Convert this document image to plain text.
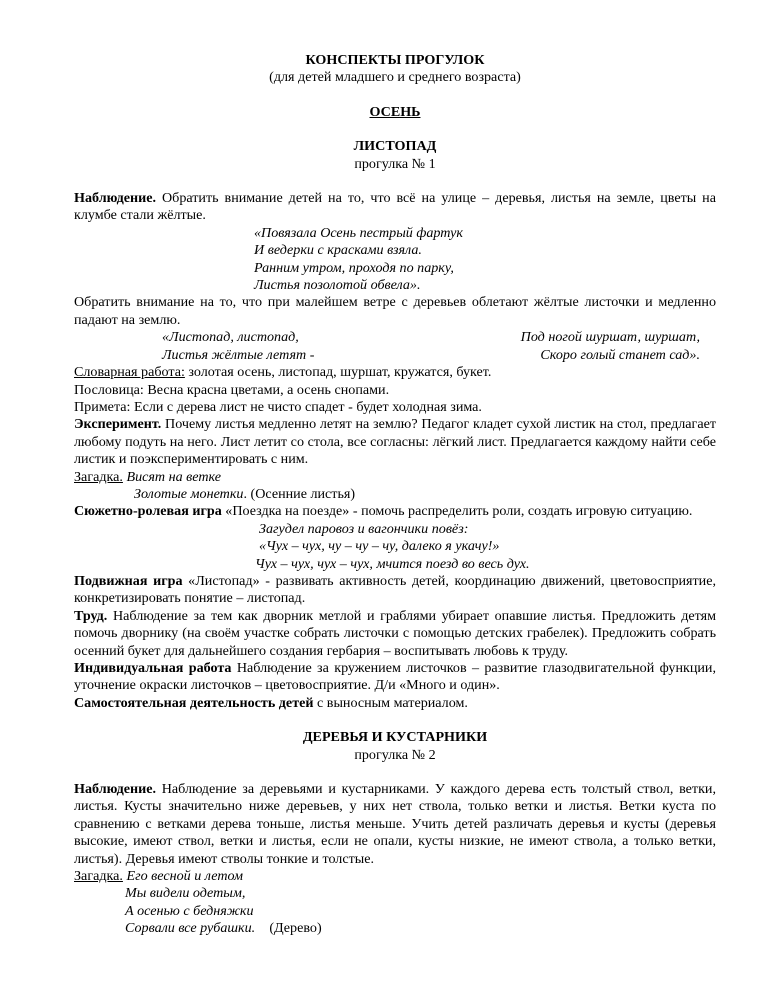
КОНСПЕКТЫ ПРОГУЛОК
(для детей младшего и среднего возраста)
ОСЕНЬ
ЛИСТОПАД
прогулка № 1

Наблюдение. Обратить внимание детей на то, что всё на улице – деревья, листья на земле, цветы на клумбе стали жёлтые.

«Повязала Осень пестрый фартук
И ведерки с красками взяла.
Ранним утром, проходя по парку,
Листья позолотой обвела».

Обратить внимание на то, что при малейшем ветре с деревьев облетают жёлтые листочки и медленно падают на землю.

«Листопад, листопад,	Под ногой шуршат, шуршат,
Листья жёлтые летят -	Скоро голый станет сад».

Словарная работа: золотая осень, листопад, шуршат, кружатся, букет.

Пословица: Весна красна цветами, а осень снопами.

Примета: Если с дерева лист не чисто спадет - будет холодная зима.

Эксперимент. Почему листья медленно летят на землю? Педагог кладет сухой листик на стол, предлагает любому подуть на него. Лист летит со стола, все согласны: лёгкий лист. Предлагается каждому найти себе листик и поэкспериментировать с ним.

Загадка. Висят на ветке
Золотые монетки. (Осенние листья)

Сюжетно-ролевая игра «Поездка на поезде» - помочь распределить роли, создать игровую ситуацию.

Загудел паровоз и вагончики повёз:
«Чух – чух, чу – чу – чу, далеко я укачу!»
Чух – чух, чух – чух, мчится поезд во весь дух.

Подвижная игра «Листопад» - развивать активность детей, координацию движений, цветовосприятие, конкретизировать понятие – листопад.

Труд. Наблюдение за тем как дворник метлой и граблями убирает опавшие листья. Предложить детям помочь дворнику (на своём участке собрать листочки с помощью детских грабелек). Предложить собрать осенний букет для дальнейшего создания гербария – воспитывать любовь к труду.

Индивидуальная работа Наблюдение за кружением листочков – развитие глазодвигательной функции, уточнение окраски листочков – цветовосприятие. Д/и «Много и один».

Самостоятельная деятельность детей с выносным материалом.

ДЕРЕВЬЯ И КУСТАРНИКИ
прогулка № 2

Наблюдение. Наблюдение за деревьями и кустарниками. У каждого дерева есть толстый ствол, ветки, листья. Кусты значительно ниже деревьев, у них нет ствола, только ветки и листья. Ветки куста по сравнению с ветками дерева тоньше, листья меньше. Учить детей различать деревья и кусты (деревья высокие, имеют ствол, ветки и листья, если не опали, кусты низкие, не имеют ствола, а только ветки, листья). Деревья имеют стволы тонкие и толстые.

Загадка. Его весной и летом
Мы видели одетым,
А осенью с бедняжки
Сорвали все рубашки.    (Дерево)
